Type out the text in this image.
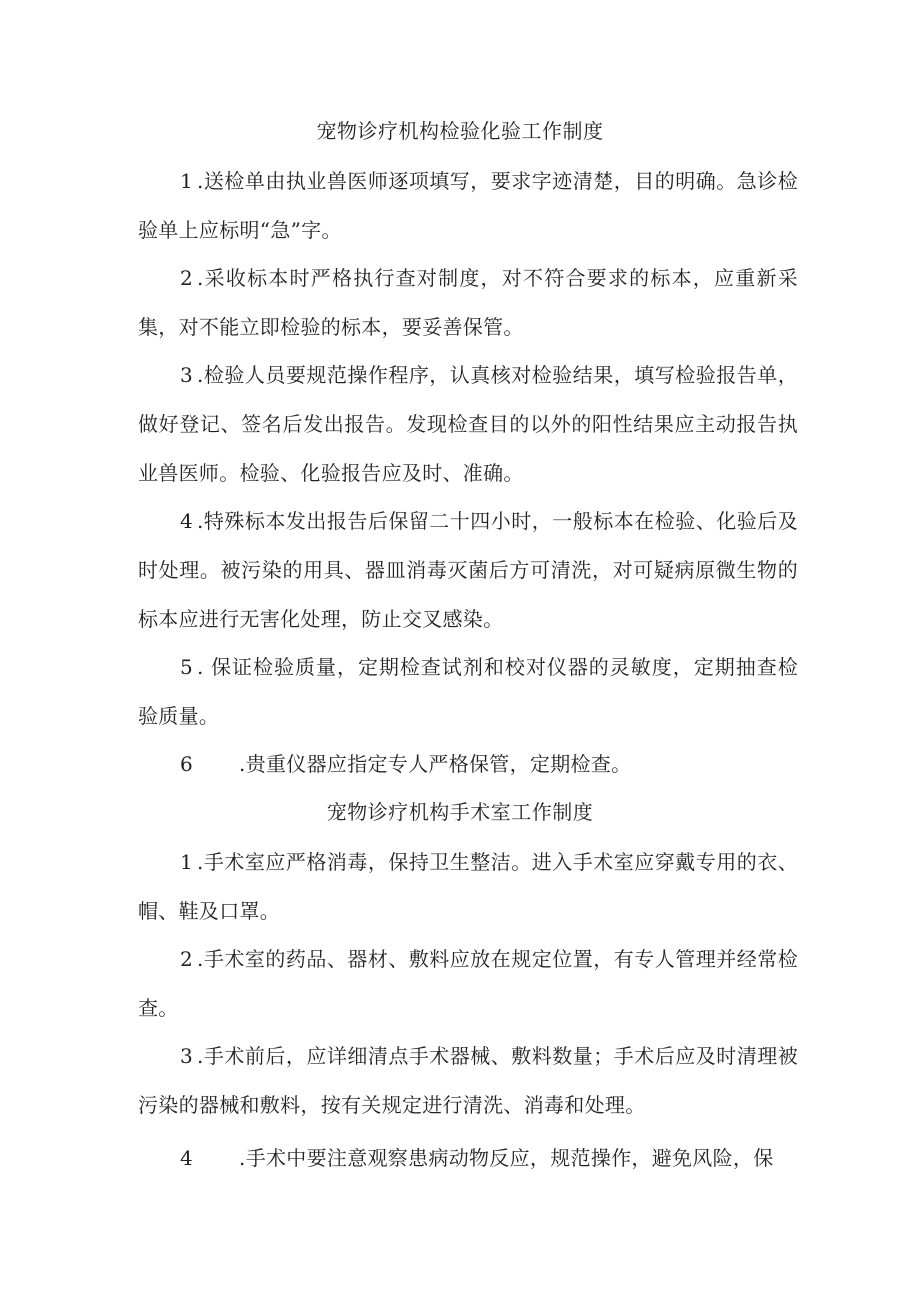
宠物诊疗机构检验化验工作制度

1 .送检单由执业兽医师逐项填写，要求字迹清楚，目的明确。急诊检验单上应标明“急”字。

2 .采收标本时严格执行查对制度，对不符合要求的标本，应重新采集，对不能立即检验的标本，要妥善保管。

3 .检验人员要规范操作程序，认真核对检验结果，填写检验报告单，做好登记、签名后发出报告。发现检查目的以外的阳性结果应主动报告执业兽医师。检验、化验报告应及时、准确。

4 .特殊标本发出报告后保留二十四小时，一般标本在检验、化验后及时处理。被污染的用具、器皿消毒灭菌后方可清洗，对可疑病原微生物的标本应进行无害化处理，防止交叉感染。

5 . 保证检验质量，定期检查试剂和校对仪器的灵敏度，定期抽查检验质量。

6 .贵重仪器应指定专人严格保管，定期检查。

宠物诊疗机构手术室工作制度

1 .手术室应严格消毒，保持卫生整洁。进入手术室应穿戴专用的衣、帽、鞋及口罩。

2 .手术室的药品、器材、敷料应放在规定位置，有专人管理并经常检查。

3 .手术前后，应详细清点手术器械、敷料数量；手术后应及时清理被污染的器械和敷料，按有关规定进行清洗、消毒和处理。

4 .手术中要注意观察患病动物反应，规范操作，避免风险，保
